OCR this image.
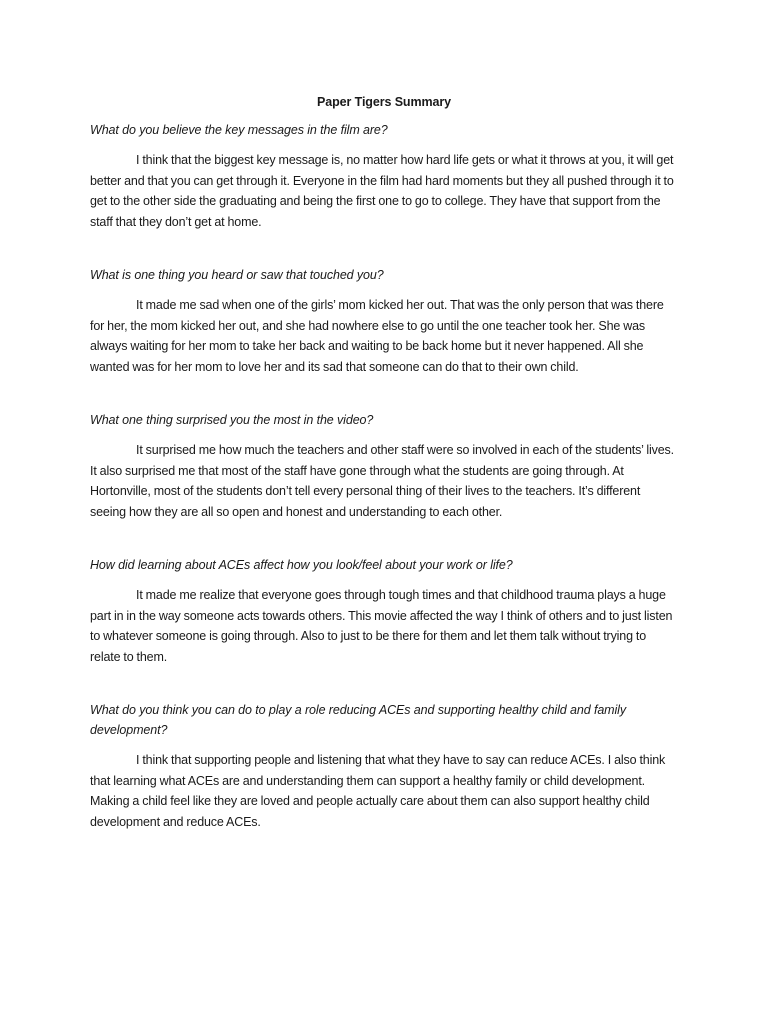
Paper Tigers Summary

What do you believe the key messages in the film are?

I think that the biggest key message is, no matter how hard life gets or what it throws at you, it will get better and that you can get through it. Everyone in the film had hard moments but they all pushed through it to get to the other side the graduating and being the first one to go to college. They have that support from the staff that they don’t get at home.

What is one thing you heard or saw that touched you?

It made me sad when one of the girls’ mom kicked her out. That was the only person that was there for her, the mom kicked her out, and she had nowhere else to go until the one teacher took her. She was always waiting for her mom to take her back and waiting to be back home but it never happened. All she wanted was for her mom to love her and its sad that someone can do that to their own child.

What one thing surprised you the most in the video?

It surprised me how much the teachers and other staff were so involved in each of the students’ lives. It also surprised me that most of the staff have gone through what the students are going through. At Hortonville, most of the students don’t tell every personal thing of their lives to the teachers. It’s different seeing how they are all so open and honest and understanding to each other.

How did learning about ACEs affect how you look/feel about your work or life?

It made me realize that everyone goes through tough times and that childhood trauma plays a huge part in in the way someone acts towards others. This movie affected the way I think of others and to just listen to whatever someone is going through. Also to just to be there for them and let them talk without trying to relate to them.

What do you think you can do to play a role reducing ACEs and supporting healthy child and family development?

I think that supporting people and listening that what they have to say can reduce ACEs. I also think that learning what ACEs are and understanding them can support a healthy family or child development. Making a child feel like they are loved and people actually care about them can also support healthy child development and reduce ACEs.
